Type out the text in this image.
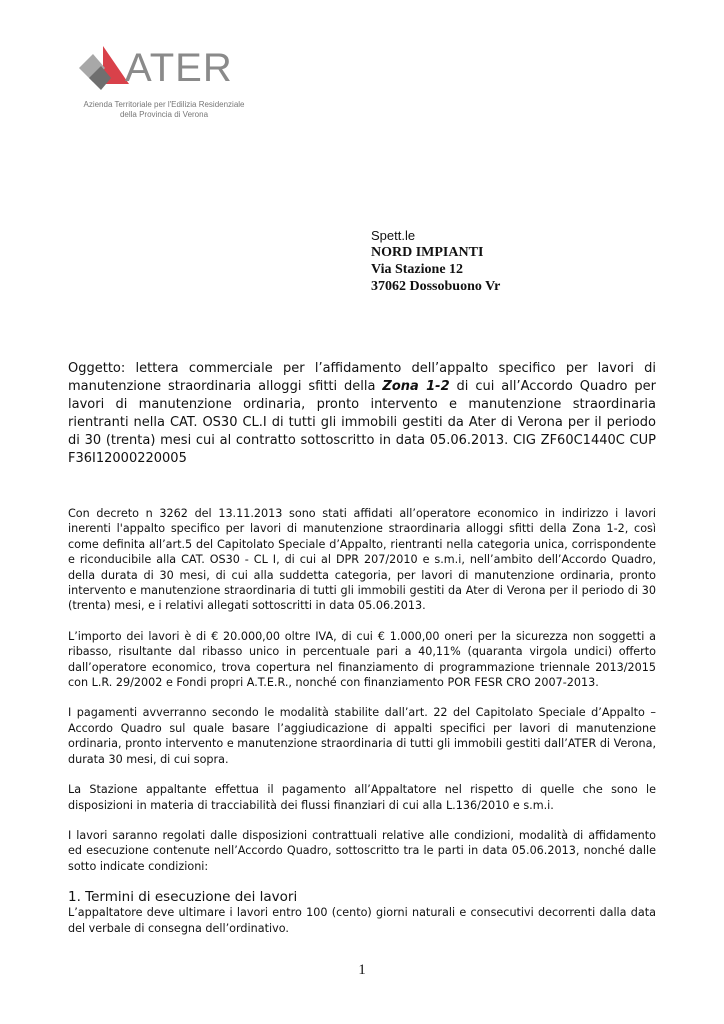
ATER
Azienda Territoriale per l'Edilizia Residenziale
della Provincia di Verona
Spett.le
NORD IMPIANTI
Via Stazione 12
37062 Dossobuono Vr
Oggetto: lettera commerciale per l’affidamento dell’appalto specifico per lavori di manutenzione straordinaria alloggi sfitti della Zona 1-2 di cui all’Accordo Quadro per lavori di manutenzione ordinaria, pronto intervento e manutenzione straordinaria rientranti nella CAT. OS30 CL.I di tutti gli immobili gestiti da Ater di Verona per il periodo di 30 (trenta) mesi cui al contratto sottoscritto in data 05.06.2013. CIG ZF60C1440C CUP F36I12000220005

Con decreto n 3262 del 13.11.2013 sono stati affidati all’operatore economico in indirizzo i lavori inerenti l'appalto specifico per lavori di manutenzione straordinaria alloggi sfitti della Zona 1-2, così come definita all’art.5 del Capitolato Speciale d’Appalto, rientranti nella categoria unica, corrispondente e riconducibile alla CAT. OS30 - CL I, di cui al DPR 207/2010 e s.m.i, nell’ambito dell’Accordo Quadro, della durata di 30 mesi, di cui alla suddetta categoria, per lavori di manutenzione ordinaria, pronto intervento e manutenzione straordinaria di tutti gli immobili gestiti da Ater di Verona per il periodo di 30 (trenta) mesi, e i relativi allegati sottoscritti in data 05.06.2013.

L’importo dei lavori è di € 20.000,00 oltre IVA, di cui € 1.000,00 oneri per la sicurezza non soggetti a ribasso, risultante dal ribasso unico in percentuale pari a 40,11% (quaranta virgola undici) offerto dall’operatore economico, trova copertura nel finanziamento di programmazione triennale 2013/2015 con L.R. 29/2002 e Fondi propri A.T.E.R., nonché con finanziamento POR FESR CRO 2007-2013.

I pagamenti avverranno secondo le modalità stabilite dall’art. 22 del Capitolato Speciale d’Appalto – Accordo Quadro sul quale basare l’aggiudicazione di appalti specifici per lavori di manutenzione ordinaria, pronto intervento e manutenzione straordinaria di tutti gli immobili gestiti dall’ATER di Verona, durata 30 mesi, di cui sopra.

La Stazione appaltante effettua il pagamento all’Appaltatore nel rispetto di quelle che sono le disposizioni in materia di tracciabilità dei flussi finanziari di cui alla L.136/2010 e s.m.i.

I lavori saranno regolati dalle disposizioni contrattuali relative alle condizioni, modalità di affidamento ed esecuzione contenute nell’Accordo Quadro, sottoscritto tra le parti in data 05.06.2013, nonché dalle sotto indicate condizioni:

1. Termini di esecuzione dei lavori

L’appaltatore deve ultimare i lavori entro 100 (cento) giorni naturali e consecutivi decorrenti dalla data del verbale di consegna dell’ordinativo.

1
